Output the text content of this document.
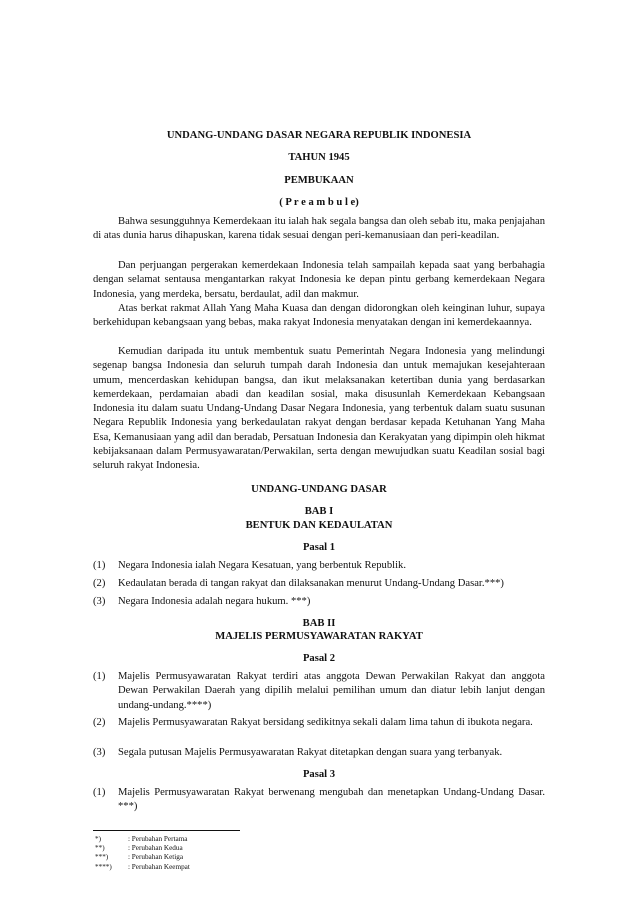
UNDANG-UNDANG DASAR NEGARA REPUBLIK INDONESIA
TAHUN 1945
PEMBUKAAN
( P r e a m b u l e)

Bahwa sesungguhnya Kemerdekaan itu ialah hak segala bangsa dan oleh sebab itu, maka penjajahan di atas dunia harus dihapuskan, karena tidak sesuai dengan peri-kemanusiaan dan peri-keadilan.

Dan perjuangan pergerakan kemerdekaan Indonesia telah sampailah kepada saat yang berbahagia dengan selamat sentausa mengantarkan rakyat Indonesia ke depan pintu gerbang kemerdekaan Negara Indonesia, yang merdeka, bersatu, berdaulat, adil dan makmur.

Atas berkat rakmat Allah Yang Maha Kuasa dan dengan didorongkan oleh keinginan luhur, supaya berkehidupan kebangsaan yang bebas, maka rakyat Indonesia menyatakan dengan ini kemerdekaannya.

Kemudian daripada itu untuk membentuk suatu Pemerintah Negara Indonesia yang melindungi segenap bangsa Indonesia dan seluruh tumpah darah Indonesia dan untuk memajukan kesejahteraan umum, mencerdaskan kehidupan bangsa, dan ikut melaksanakan ketertiban dunia yang berdasarkan kemerdekaan, perdamaian abadi dan keadilan sosial, maka disusunlah Kemerdekaan Kebangsaan Indonesia itu dalam suatu Undang-Undang Dasar Negara Indonesia, yang terbentuk dalam suatu susunan Negara Republik Indonesia yang berkedaulatan rakyat dengan berdasar kepada Ketuhanan Yang Maha Esa, Kemanusiaan yang adil dan beradab, Persatuan Indonesia dan Kerakyatan yang dipimpin oleh hikmat kebijaksanaan dalam Permusyawaratan/Perwakilan, serta dengan mewujudkan suatu Keadilan sosial bagi seluruh rakyat Indonesia.

UNDANG-UNDANG DASAR
BAB I
BENTUK DAN KEDAULATAN
Pasal 1
(1) Negara Indonesia ialah Negara Kesatuan, yang berbentuk Republik.
(2) Kedaulatan berada di tangan rakyat dan dilaksanakan menurut Undang-Undang Dasar.***)
(3) Negara Indonesia adalah negara hukum. ***)
BAB II
MAJELIS PERMUSYAWARATAN RAKYAT
Pasal 2
(1) Majelis Permusyawaratan Rakyat terdiri atas anggota Dewan Perwakilan Rakyat dan anggota Dewan Perwakilan Daerah yang dipilih melalui pemilihan umum dan diatur lebih lanjut dengan undang-undang.****)
(2) Majelis Permusyawaratan Rakyat bersidang sedikitnya sekali dalam lima tahun di ibukota negara.
(3) Segala putusan Majelis Permusyawaratan Rakyat ditetapkan dengan suara yang terbanyak.
Pasal 3
(1) Majelis Permusyawaratan Rakyat berwenang mengubah dan menetapkan Undang-Undang Dasar. ***)
*)	: Perubahan Pertama
**)	: Perubahan Kedua
***)	: Perubahan Ketiga
****) : Perubahan Keempat
